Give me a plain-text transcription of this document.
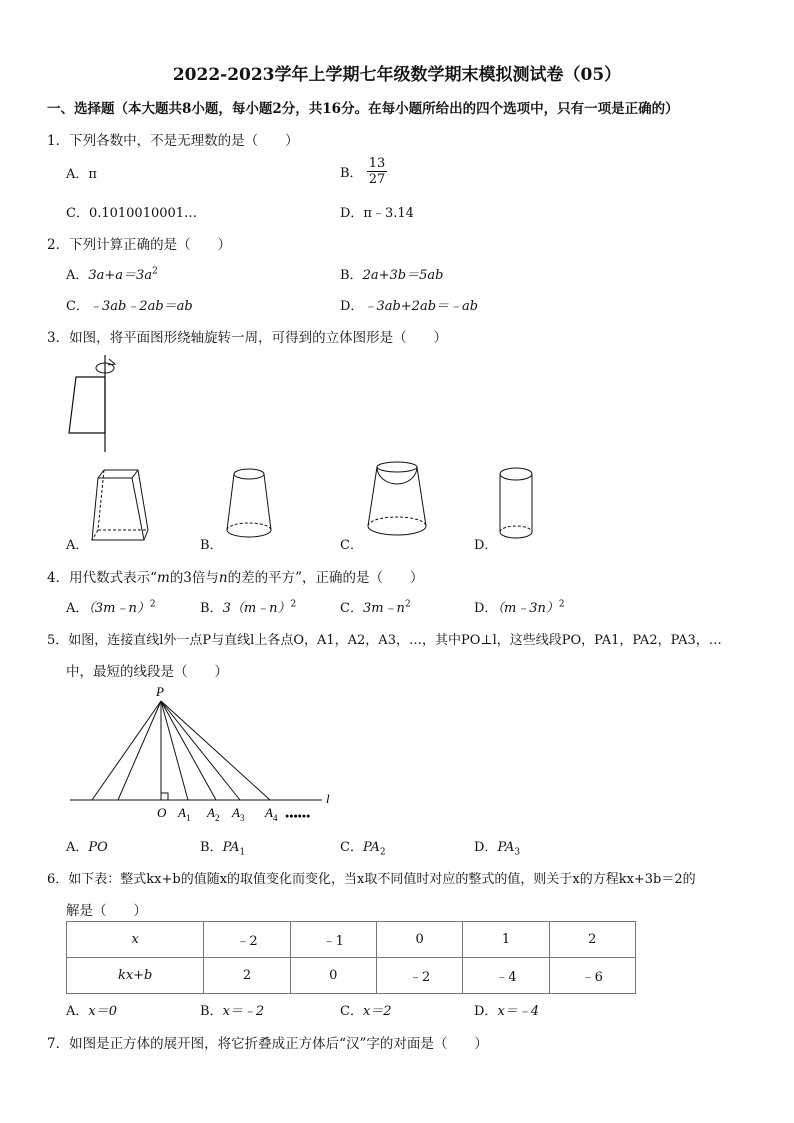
2022-2023学年上学期七年级数学期末模拟测试卷（05）
一、选择题（本大题共8小题，每小题2分，共16分。在每小题所给出的四个选项中，只有一项是正确的）
1．下列各数中，不是无理数的是（　　）
A．π	B． $\frac{13}{27}$
C．0.1010010001…	D．π﹣3.14
2．下列计算正确的是（　　）
A．$3a+a=3a^2$	B．2a+3b＝5ab
C．﹣3ab﹣2ab＝ab	D．﹣3ab+2ab＝﹣ab
3．如图，将平面图形绕轴旋转一周，可得到的立体图形是（　　）
A．	B．	C．	D．
4．用代数式表示“m的3倍与n的差的平方”，正确的是（　　）
A．（3m﹣n）$^2$	B．3（m﹣n）$^2$	C．$3m﹣n^2$	D．（m﹣3n）$^2$
5．如图，连接直线l外一点P与直线l上各点O，A1，A2，A3，…，其中PO⊥l，这些线段PO，PA1，PA2，PA3，…
中，最短的线段是（　　）
P
l
O $A_1$ $A_2$ $A_3$ $A_4$ ●●●●●●
A．PO	B．$PA_1$	C．$PA_2$	D．$PA_3$
6．如下表：整式kx+b的值随x的取值变化而变化，当x取不同值时对应的整式的值，则关于x的方程kx+3b＝2的
解是（　　）
x	﹣2	﹣1	0	1	2
kx+b	2	0	﹣2	﹣4	﹣6
A．x＝0	B．x＝﹣2	C．x＝2	D．x＝﹣4
7．如图是正方体的展开图，将它折叠成正方体后“汉”字的对面是（　　）
